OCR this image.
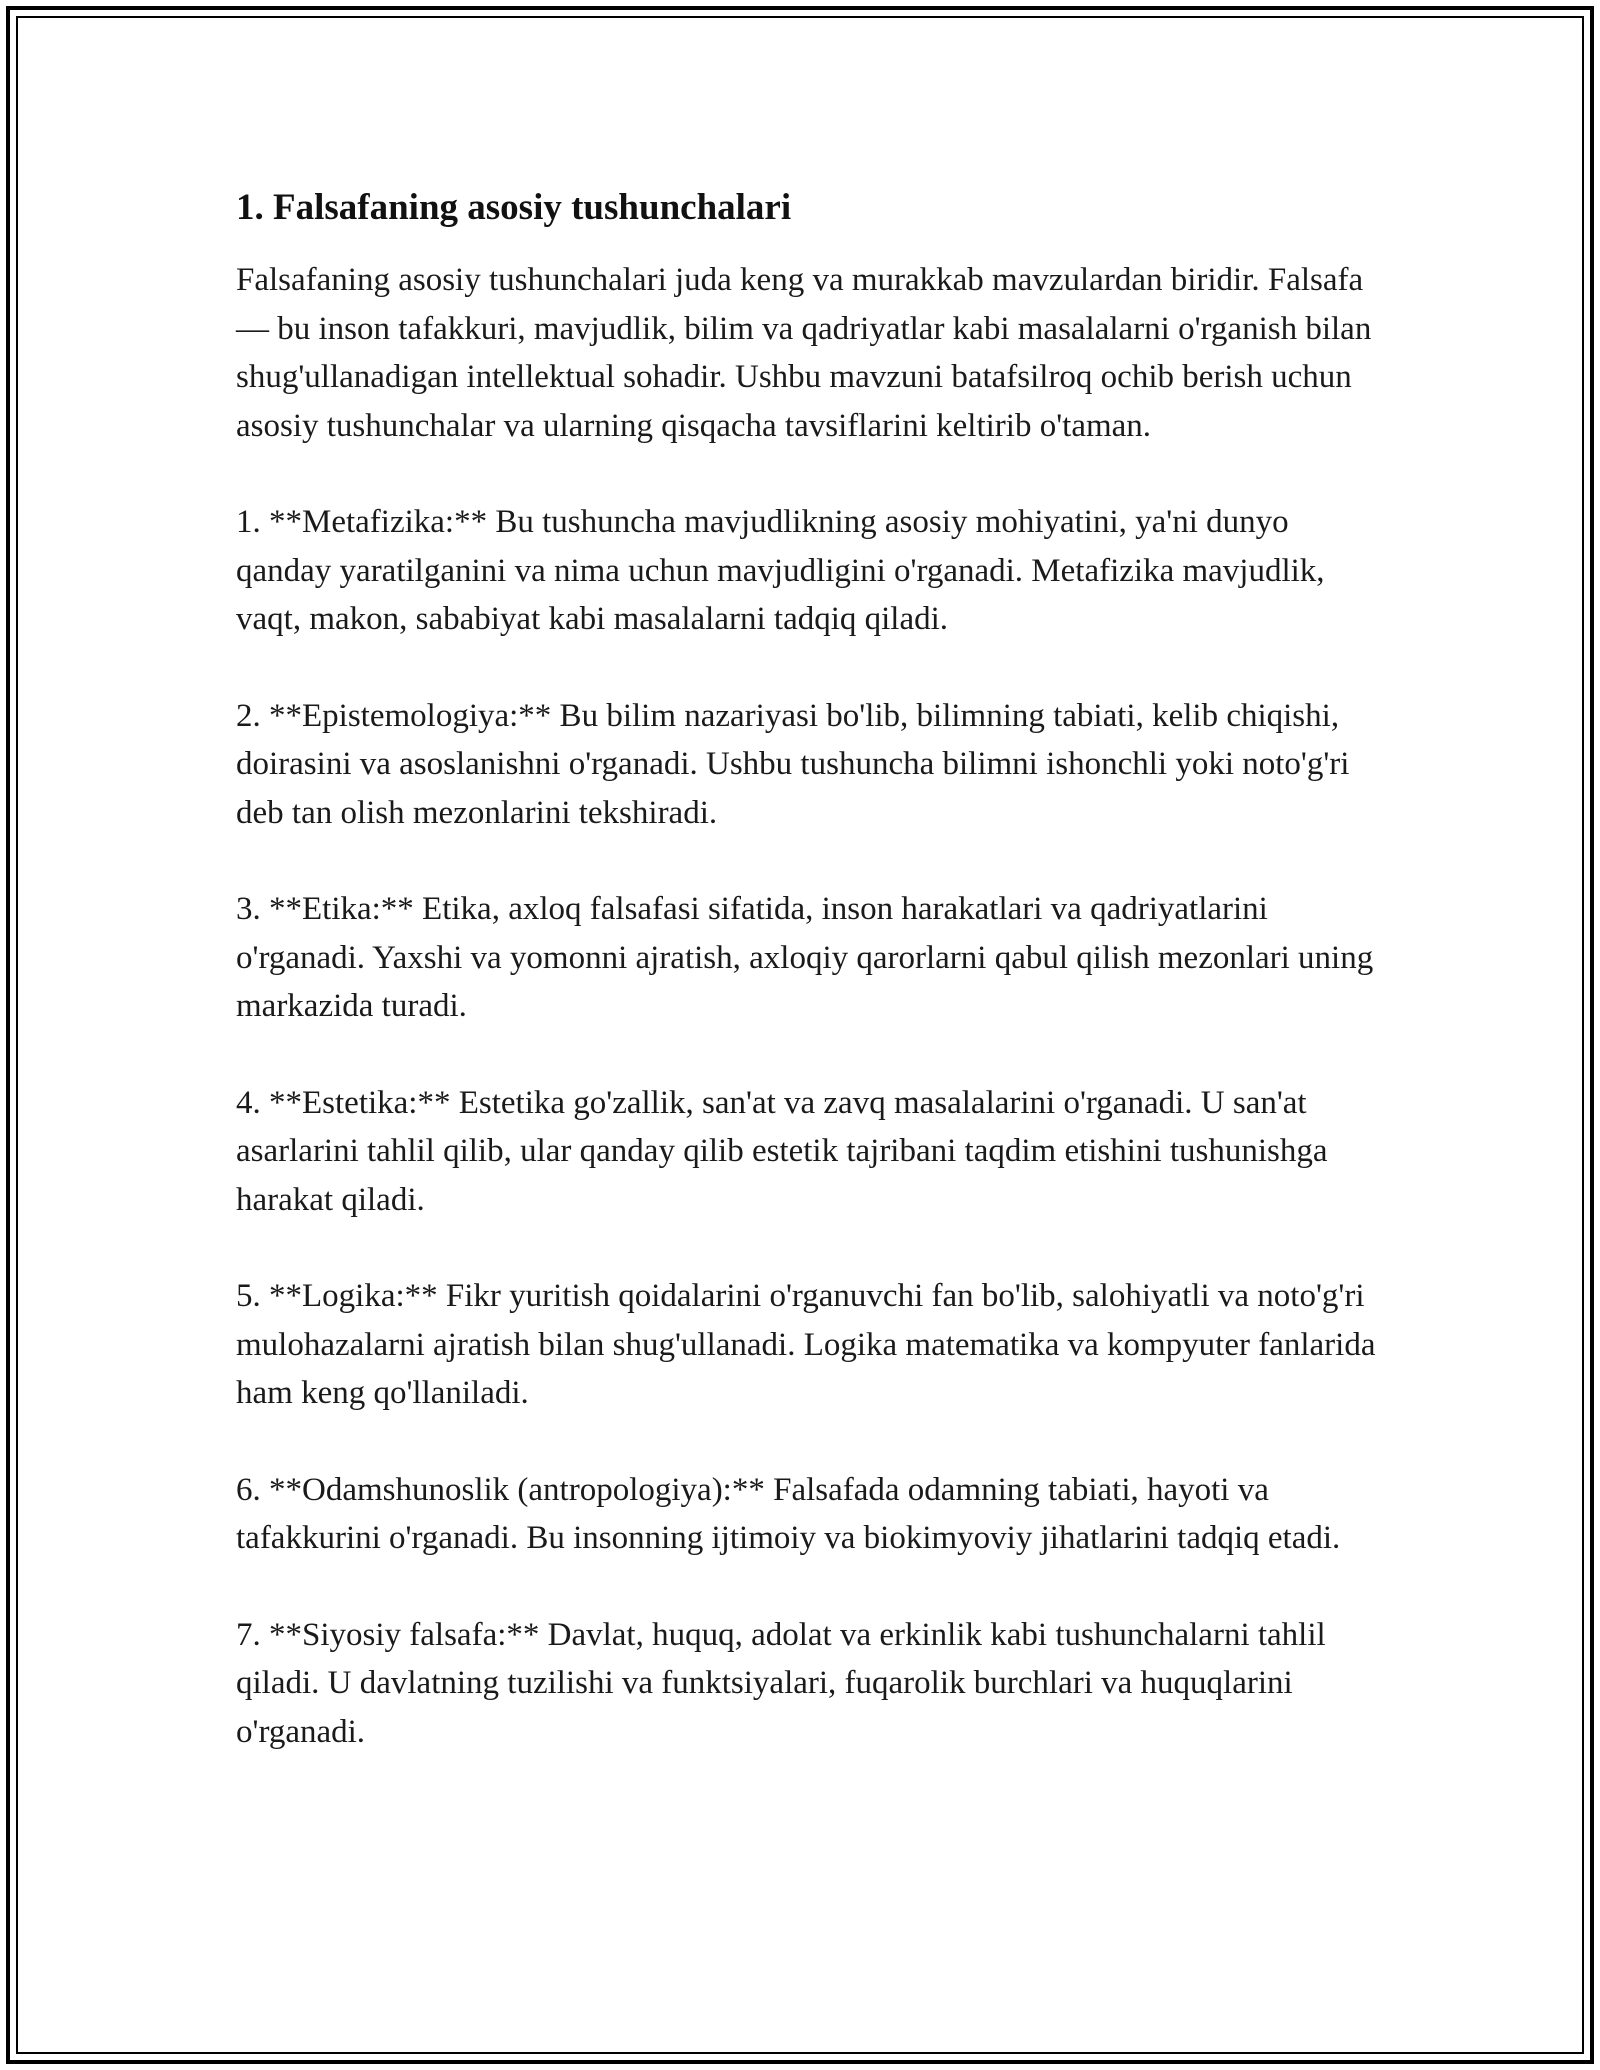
1. Falsafaning asosiy tushunchalari

Falsafaning asosiy tushunchalari juda keng va murakkab mavzulardan biridir. Falsafa — bu inson tafakkuri, mavjudlik, bilim va qadriyatlar kabi masalalarni o'rganish bilan shug'ullanadigan intellektual sohadir. Ushbu mavzuni batafsilroq ochib berish uchun asosiy tushunchalar va ularning qisqacha tavsiflarini keltirib o'taman.

1. **Metafizika:** Bu tushuncha mavjudlikning asosiy mohiyatini, ya'ni dunyo qanday yaratilganini va nima uchun mavjudligini o'rganadi. Metafizika mavjudlik, vaqt, makon, sababiyat kabi masalalarni tadqiq qiladi.

2. **Epistemologiya:** Bu bilim nazariyasi bo'lib, bilimning tabiati, kelib chiqishi, doirasini va asoslanishni o'rganadi. Ushbu tushuncha bilimni ishonchli yoki noto'g'ri deb tan olish mezonlarini tekshiradi.

3. **Etika:** Etika, axloq falsafasi sifatida, inson harakatlari va qadriyatlarini o'rganadi. Yaxshi va yomonni ajratish, axloqiy qarorlarni qabul qilish mezonlari uning markazida turadi.

4. **Estetika:** Estetika go'zallik, san'at va zavq masalalarini o'rganadi. U san'at asarlarini tahlil qilib, ular qanday qilib estetik tajribani taqdim etishini tushunishga harakat qiladi.

5. **Logika:** Fikr yuritish qoidalarini o'rganuvchi fan bo'lib, salohiyatli va noto'g'ri mulohazalarni ajratish bilan shug'ullanadi. Logika matematika va kompyuter fanlarida ham keng qo'llaniladi.

6. **Odamshunoslik (antropologiya):** Falsafada odamning tabiati, hayoti va tafakkurini o'rganadi. Bu insonning ijtimoiy va biokimyoviy jihatlarini tadqiq etadi.

7. **Siyosiy falsafa:** Davlat, huquq, adolat va erkinlik kabi tushunchalarni tahlil qiladi. U davlatning tuzilishi va funktsiyalari, fuqarolik burchlari va huquqlarini o'rganadi.
